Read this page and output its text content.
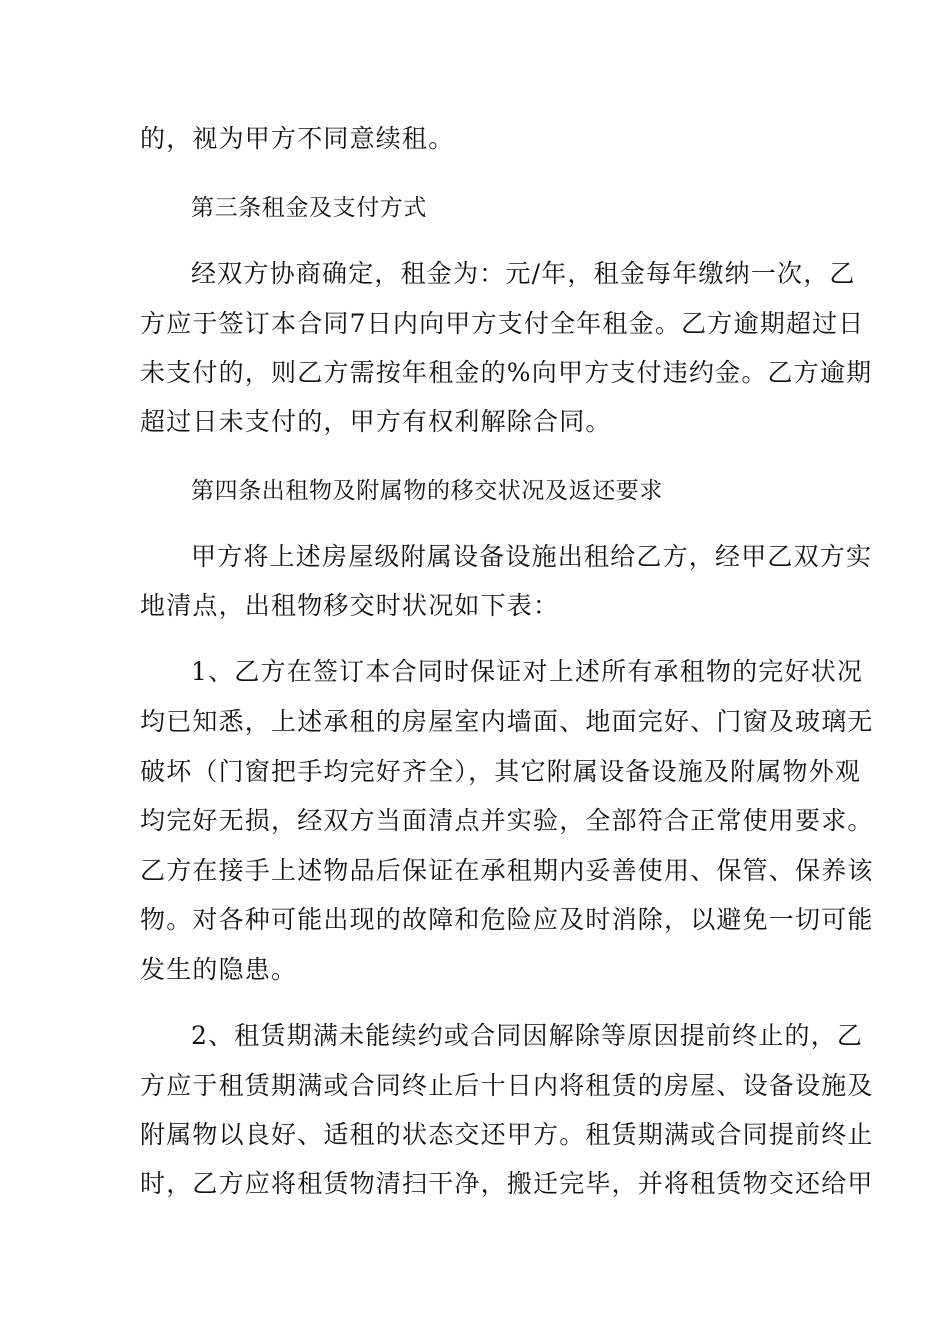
的，视为甲方不同意续租。
第三条租金及支付方式
经双方协商确定，租金为：元/年，租金每年缴纳一次，乙
方应于签订本合同7日内向甲方支付全年租金。乙方逾期超过日
未支付的，则乙方需按年租金的%向甲方支付违约金。乙方逾期
超过日未支付的，甲方有权利解除合同。
第四条出租物及附属物的移交状况及返还要求
甲方将上述房屋级附属设备设施出租给乙方，经甲乙双方实
地清点，出租物移交时状况如下表：
1、乙方在签订本合同时保证对上述所有承租物的完好状况
均已知悉，上述承租的房屋室内墙面、地面完好、门窗及玻璃无
破坏（门窗把手均完好齐全），其它附属设备设施及附属物外观
均完好无损，经双方当面清点并实验，全部符合正常使用要求。
乙方在接手上述物品后保证在承租期内妥善使用、保管、保养该
物。对各种可能出现的故障和危险应及时消除，以避免一切可能
发生的隐患。
2、租赁期满未能续约或合同因解除等原因提前终止的，乙
方应于租赁期满或合同终止后十日内将租赁的房屋、设备设施及
附属物以良好、适租的状态交还甲方。租赁期满或合同提前终止
时，乙方应将租赁物清扫干净，搬迁完毕，并将租赁物交还给甲
